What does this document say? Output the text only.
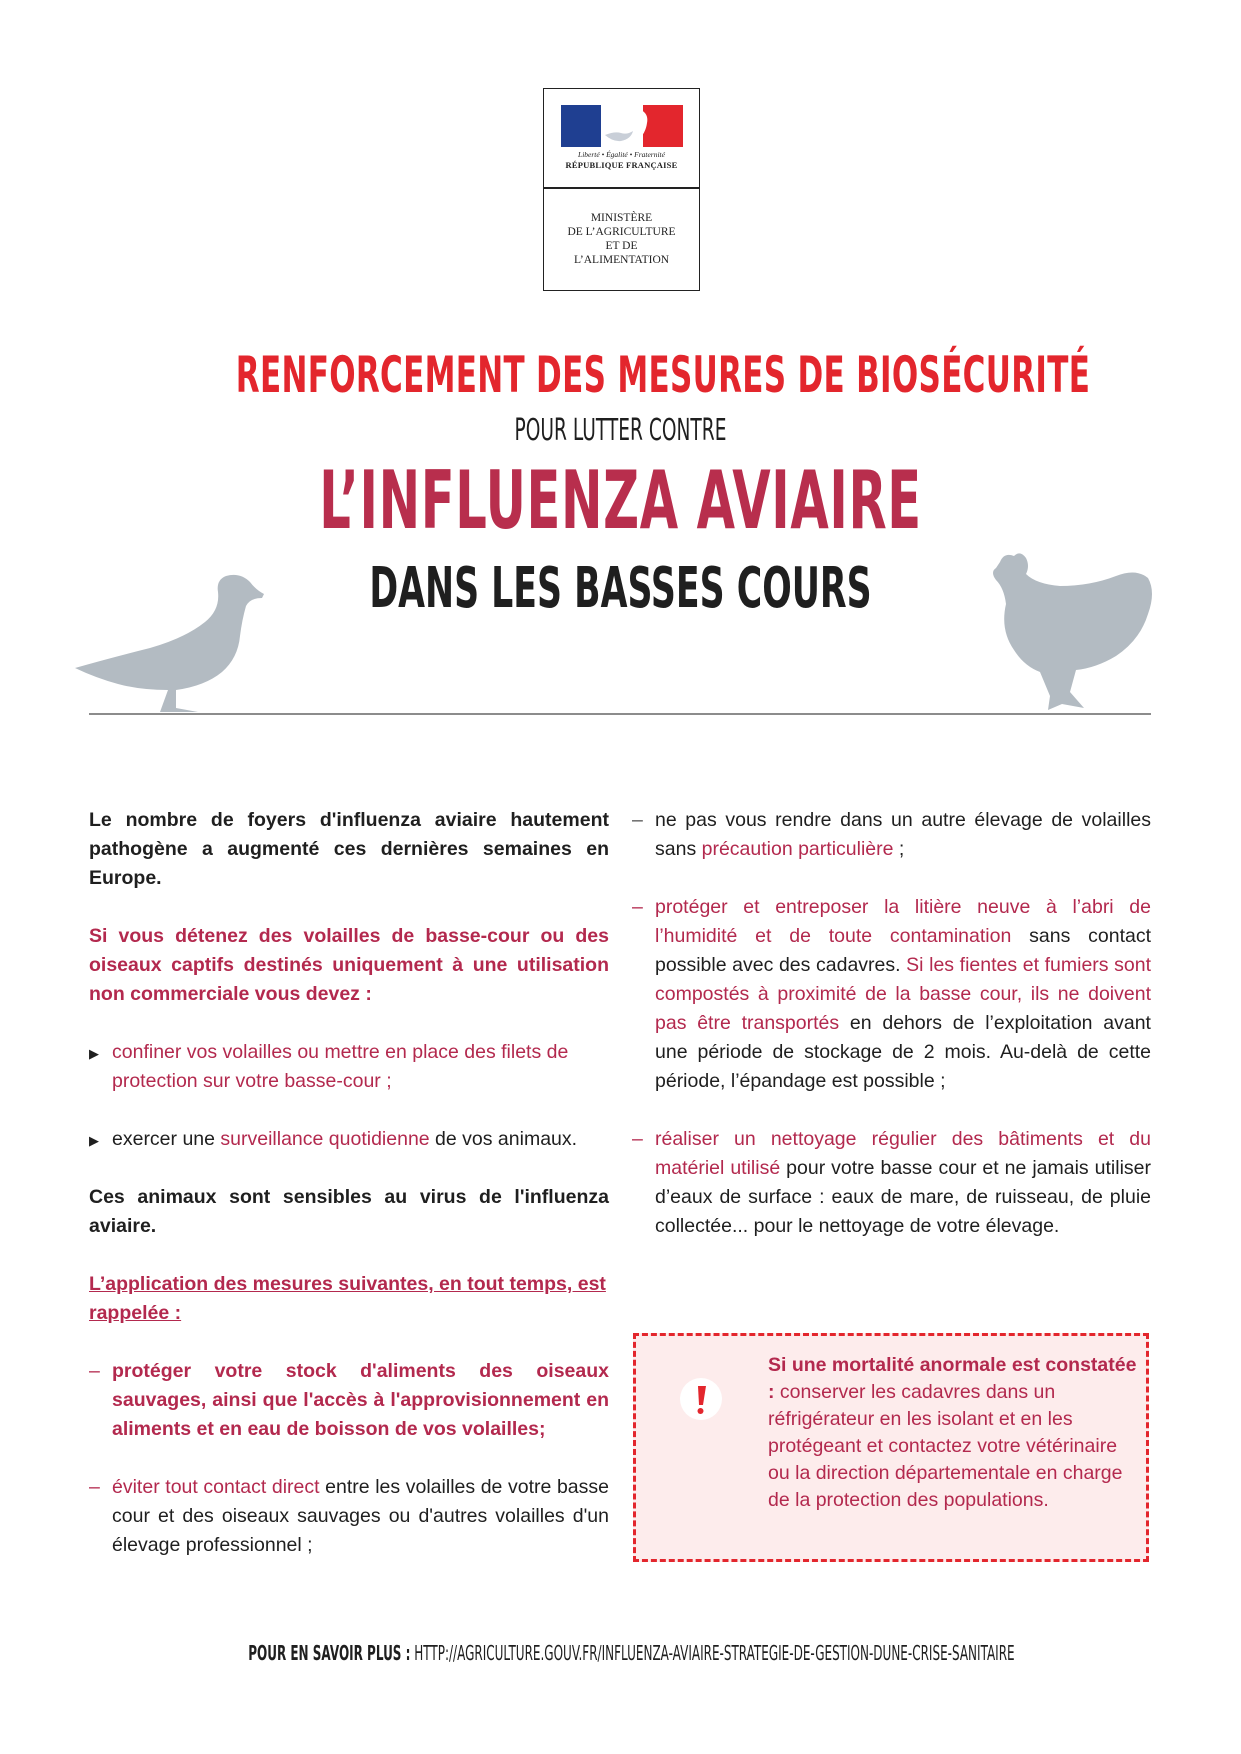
Liberté • Égalité • Fraternité
RÉPUBLIQUE FRANÇAISE
MINISTÈRE
DE L’AGRICULTURE
ET DE
L’ALIMENTATION
RENFORCEMENT DES MESURES DE BIOSÉCURITÉ
POUR LUTTER CONTRE
L’INFLUENZA AVIAIRE
DANS LES BASSES COURS

Le nombre de foyers d'influenza aviaire hautement pathogène a augmenté ces dernières semaines en Europe.

Si vous détenez des volailles de basse-cour ou des oiseaux captifs destinés uniquement à une utilisation non commerciale vous devez :

▶ confiner vos volailles ou mettre en place des filets de protection sur votre basse-cour ;
▶ exercer une surveillance quotidienne de vos animaux.

Ces animaux sont sensibles au virus de l'influenza aviaire.

L’application des mesures suivantes, en tout temps, est rappelée :

– protéger votre stock d'aliments des oiseaux sauvages, ainsi que l'accès à l'approvisionnement en aliments et en eau de boisson de vos volailles;
– éviter tout contact direct entre les volailles de votre basse cour et des oiseaux sauvages ou d'autres volailles d'un élevage professionnel ;
– ne pas vous rendre dans un autre élevage de volailles sans précaution particulière ;
– protéger et entreposer la litière neuve à l’abri de l’humidité et de toute contamination sans contact possible avec des cadavres. Si les fientes et fumiers sont compostés à proximité de la basse cour, ils ne doivent pas être transportés en dehors de l’exploitation avant une période de stockage de 2 mois. Au-delà de cette période, l’épandage est possible ;
– réaliser un nettoyage régulier des bâtiments et du matériel utilisé pour votre basse cour et ne jamais utiliser d’eaux de surface : eaux de mare, de ruisseau, de pluie collectée... pour le nettoyage de votre élevage.
Si une mortalité anormale est constatée : conserver les cadavres dans un réfrigérateur en les isolant et en les protégeant et contactez votre vétérinaire ou la direction départementale en charge de la protection des populations.
POUR EN SAVOIR PLUS : HTTP://AGRICULTURE.GOUV.FR/INFLUENZA-AVIAIRE-STRATEGIE-DE-GESTION-DUNE-CRISE-SANITAIRE
